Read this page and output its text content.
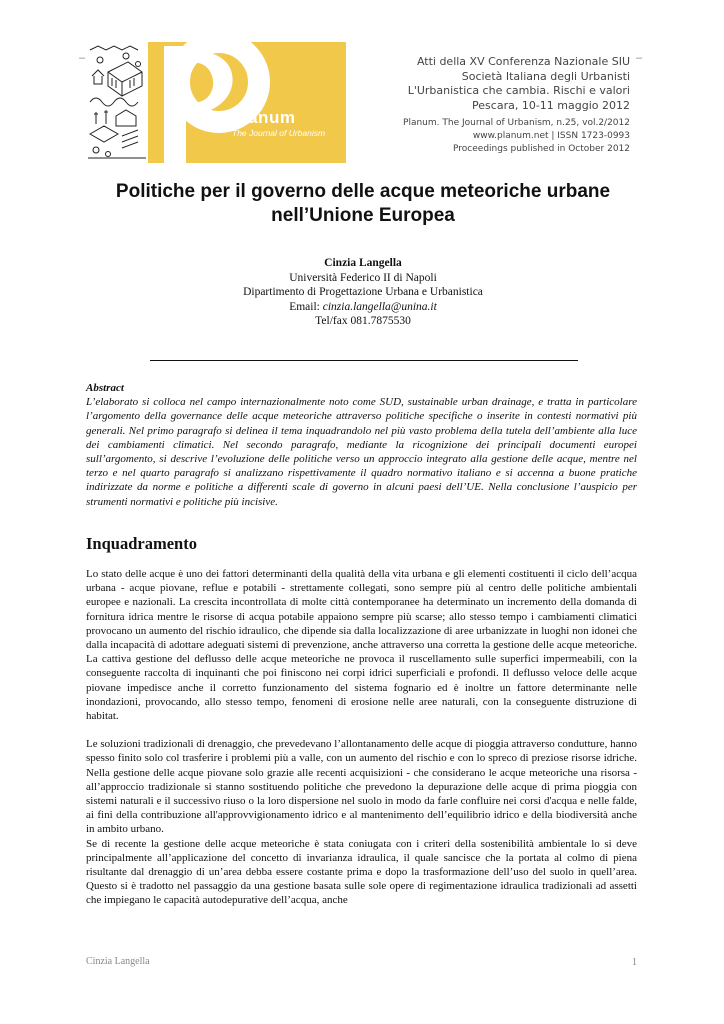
–	–
planum
The Journal of Urbanism
Atti della XV Conferenza Nazionale SIU
Società Italiana degli Urbanisti
L'Urbanistica che cambia. Rischi e valori
Pescara, 10-11 maggio 2012
Planum. The Journal of Urbanism, n.25, vol.2/2012
www.planum.net | ISSN 1723-0993
Proceedings published in October 2012
Politiche per il governo delle acque meteoriche urbane
nell’Unione Europea
Cinzia Langella
Università Federico II di Napoli
Dipartimento di Progettazione Urbana e Urbanistica
Email: cinzia.langella@unina.it
Tel/fax 081.7875530
Abstract
L’elaborato si colloca nel campo internazionalmente noto come SUD, sustainable urban drainage, e tratta in particolare l’argomento della governance delle acque meteoriche attraverso politiche specifiche o inserite in contesti normativi più generali. Nel primo paragrafo si delinea il tema inquadrandolo nel più vasto problema della tutela dell’ambiente alla luce dei cambiamenti climatici. Nel secondo paragrafo, mediante la ricognizione dei principali documenti europei sull’argomento, si descrive l’evoluzione delle politiche verso un approccio integrato alla gestione delle acque, mentre nel terzo e nel quarto paragrafo si analizzano rispettivamente il quadro normativo italiano e si accenna a buone pratiche indirizzate da norme e politiche a differenti scale di governo in alcuni paesi dell’UE. Nella conclusione l’auspicio per strumenti normativi e politiche più incisive.
Inquadramento

Lo stato delle acque è uno dei fattori determinanti della qualità della vita urbana e gli elementi costituenti il ciclo dell’acqua urbana - acque piovane, reflue e potabili - strettamente collegati, sono sempre più al centro delle politiche ambientali europee e nazionali. La crescita incontrollata di molte città contemporanee ha determinato un incremento della domanda di fornitura idrica mentre le risorse di acqua potabile appaiono sempre più scarse; allo stesso tempo i cambiamenti climatici provocano un aumento del rischio idraulico, che dipende sia dalla localizzazione di aree urbanizzate in luoghi non idonei che dalla incapacità di adottare adeguati sistemi di prevenzione, anche attraverso una corretta la gestione delle acque meteoriche. La cattiva gestione del deflusso delle acque meteoriche ne provoca il ruscellamento sulle superfici impermeabili, con la conseguente raccolta di inquinanti che poi finiscono nei corpi idrici superficiali e profondi. Il deflusso veloce delle acque piovane impedisce anche il corretto funzionamento del sistema fognario ed è inoltre un fattore determinante nelle inondazioni, provocando, allo stesso tempo, fenomeni di erosione nelle aree naturali, con la conseguente distruzione di habitat.

Le soluzioni tradizionali di drenaggio, che prevedevano l’allontanamento delle acque di pioggia attraverso condutture, hanno spesso finito solo col trasferire i problemi più a valle, con un aumento del rischio e con lo spreco di preziose risorse idriche. Nella gestione delle acque piovane solo grazie alle recenti acquisizioni - che considerano le acque meteoriche una risorsa - all’approccio tradizionale si stanno sostituendo politiche che prevedono la depurazione delle acque di prima pioggia con sistemi naturali e il successivo riuso o la loro dispersione nel suolo in modo da farle confluire nei corsi d'acqua e nelle falde, ai fini della contribuzione all'approvvigionamento idrico e al mantenimento dell’equilibrio idrico e della biodiversità anche in ambito urbano.

Se di recente la gestione delle acque meteoriche è stata coniugata con i criteri della sostenibilità ambientale lo si deve principalmente all’applicazione del concetto di invarianza idraulica, il quale sancisce che la portata al colmo di piena risultante dal drenaggio di un’area debba essere costante prima e dopo la trasformazione dell’uso del suolo in quell’area. Questo si è tradotto nel passaggio da una gestione basata sulle sole opere di regimentazione idraulica tradizionali ad assetti che impiegano le capacità autodepurative dell’acqua, anche

Cinzia Langella	1
